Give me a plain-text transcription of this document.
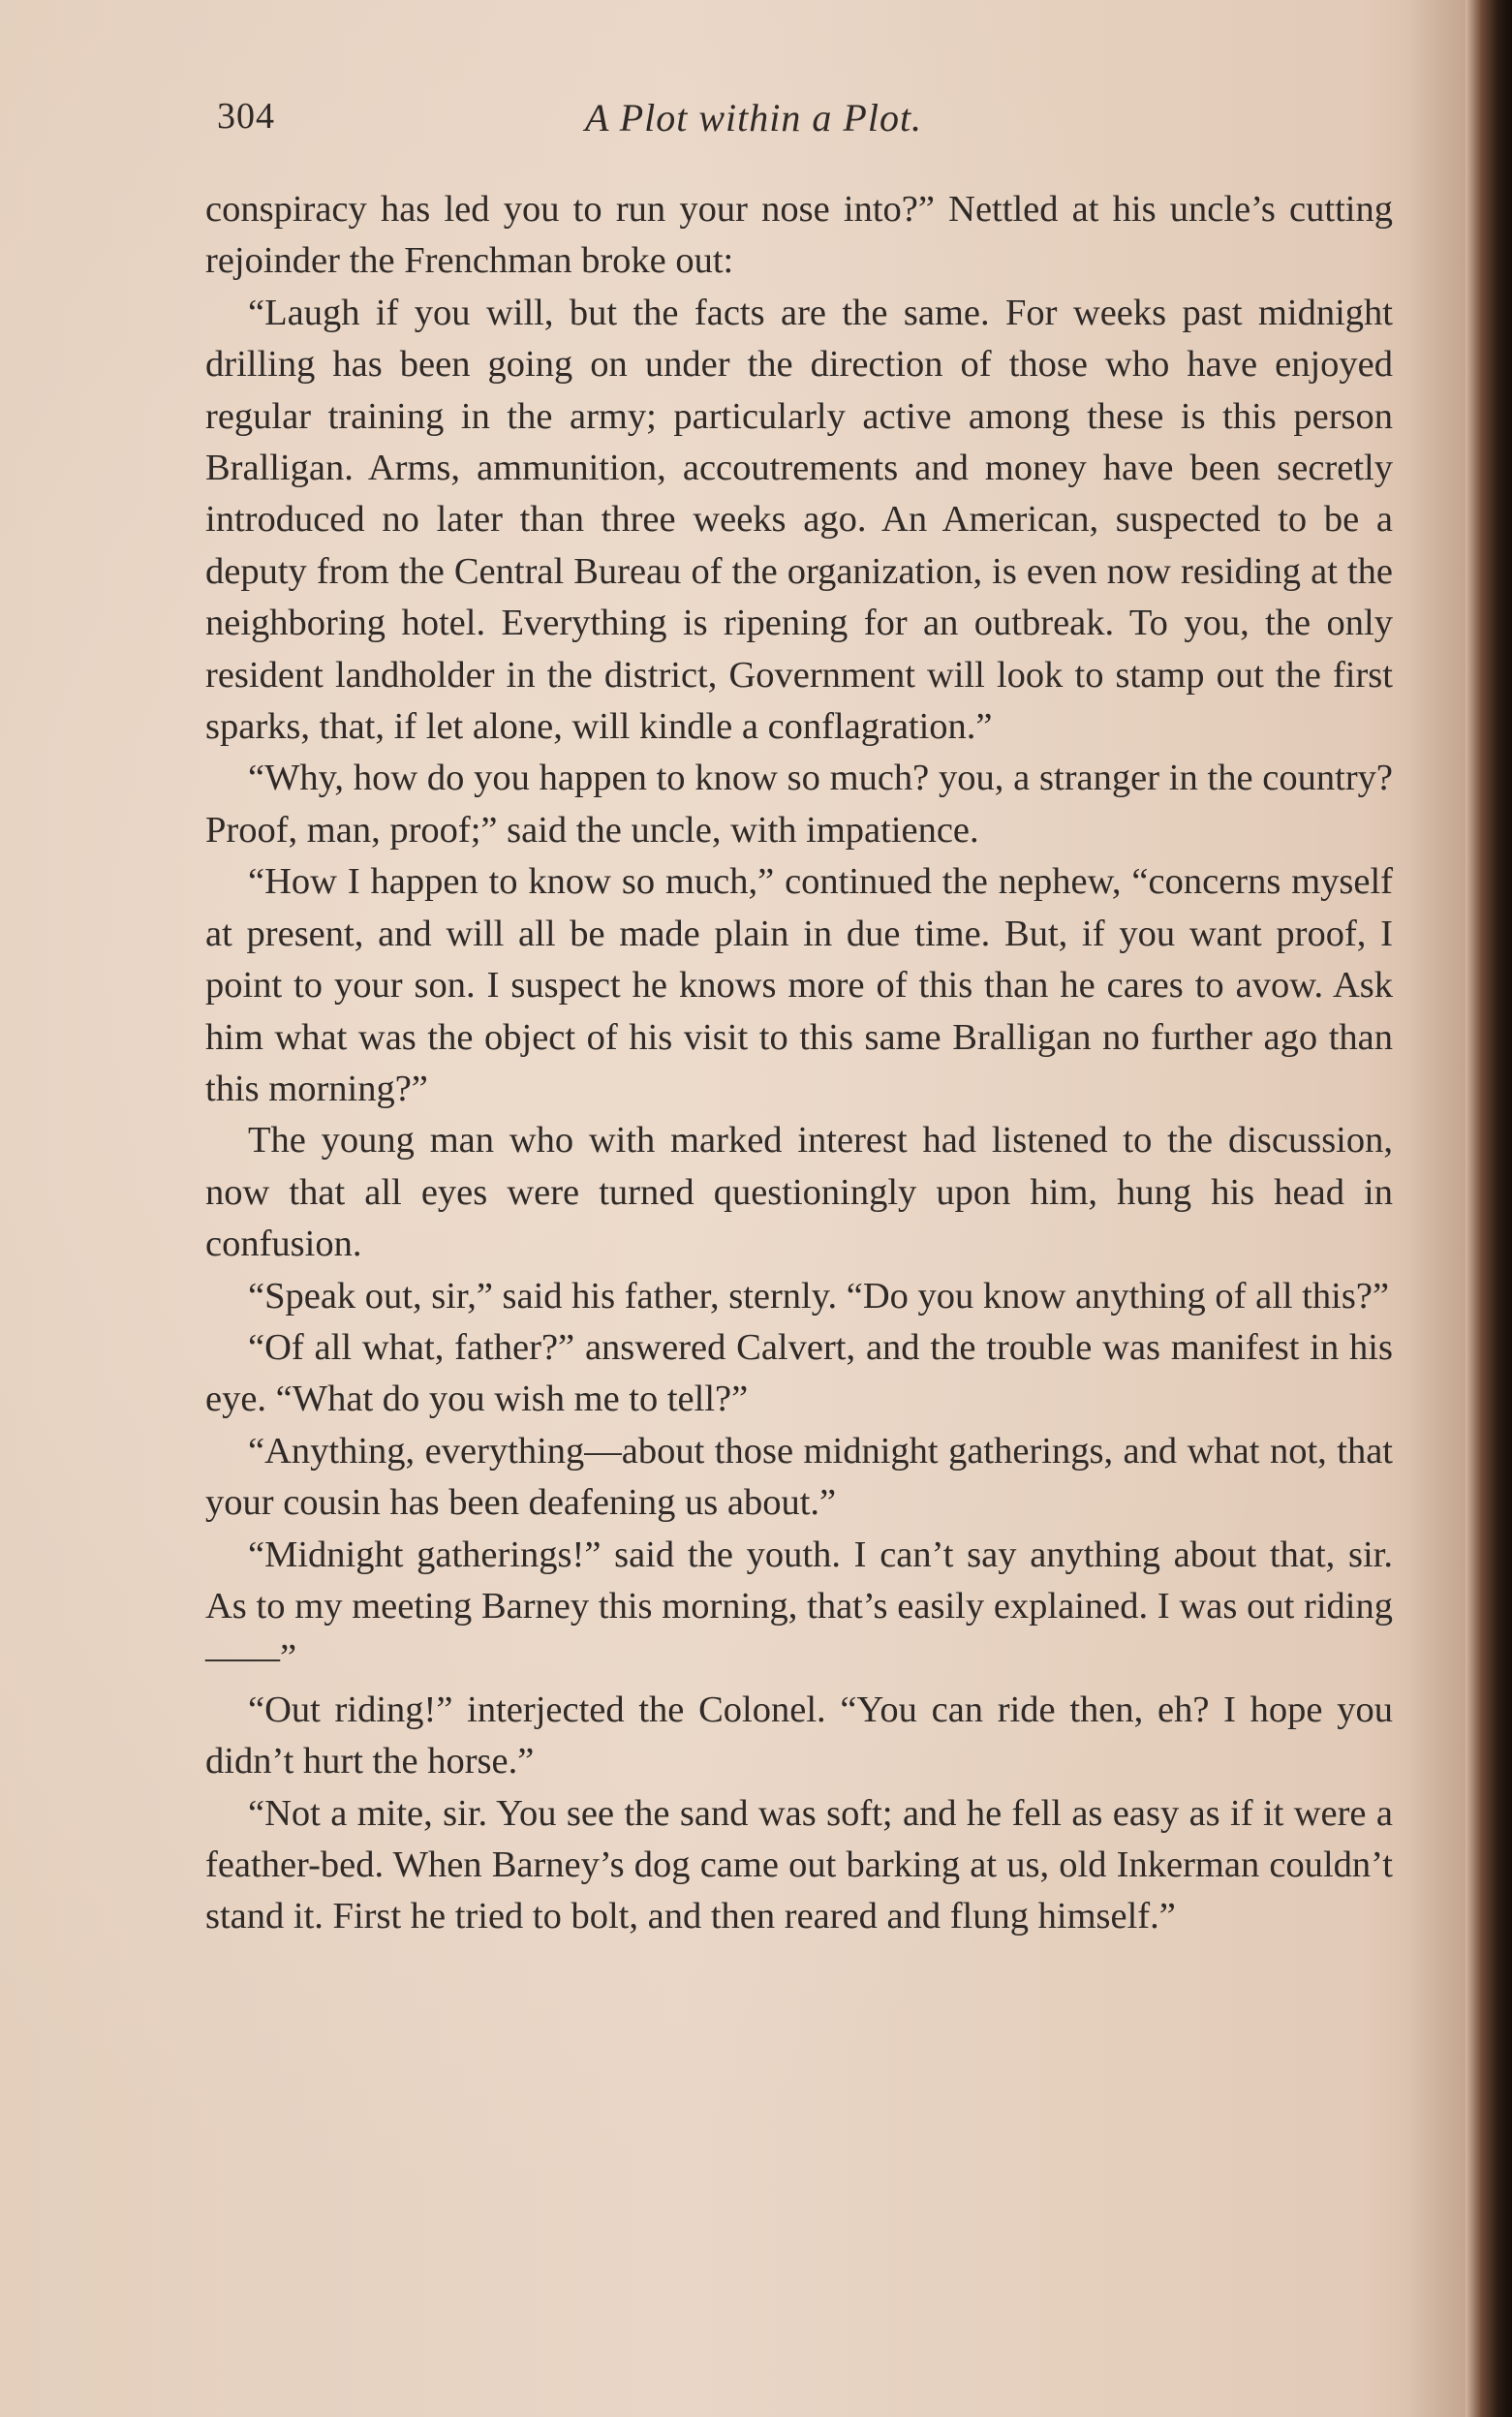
304	A Plot within a Plot.

conspiracy has led you to run your nose into?” Nettled at his uncle’s cutting rejoinder the Frenchman broke out:

“Laugh if you will, but the facts are the same. For weeks past midnight drilling has been going on under the direction of those who have enjoyed regular training in the army; particularly active among these is this person Bralligan. Arms, ammunition, accoutrements and money have been secretly introduced no later than three weeks ago. An American, suspected to be a deputy from the Central Bureau of the organization, is even now residing at the neighboring hotel. Everything is ripening for an outbreak. To you, the only resident landholder in the district, Government will look to stamp out the first sparks, that, if let alone, will kindle a conflagration.”

“Why, how do you happen to know so much? you, a stranger in the country? Proof, man, proof;” said the uncle, with impatience.

“How I happen to know so much,” continued the nephew, “concerns myself at present, and will all be made plain in due time. But, if you want proof, I point to your son. I suspect he knows more of this than he cares to avow. Ask him what was the object of his visit to this same Bralligan no further ago than this morning?”

The young man who with marked interest had listened to the discussion, now that all eyes were turned questioningly upon him, hung his head in confusion.

“Speak out, sir,” said his father, sternly. “Do you know anything of all this?”

“Of all what, father?” answered Calvert, and the trouble was manifest in his eye. “What do you wish me to tell?”

“Anything, everything—about those midnight gatherings, and what not, that your cousin has been deafening us about.”

“Midnight gatherings!” said the youth. I can’t say anything about that, sir. As to my meeting Barney this morning, that’s easily explained. I was out riding ——”

“Out riding!” interjected the Colonel. “You can ride then, eh? I hope you didn’t hurt the horse.”

“Not a mite, sir. You see the sand was soft; and he fell as easy as if it were a feather-bed. When Barney’s dog came out barking at us, old Inkerman couldn’t stand it. First he tried to bolt, and then reared and flung himself.”
